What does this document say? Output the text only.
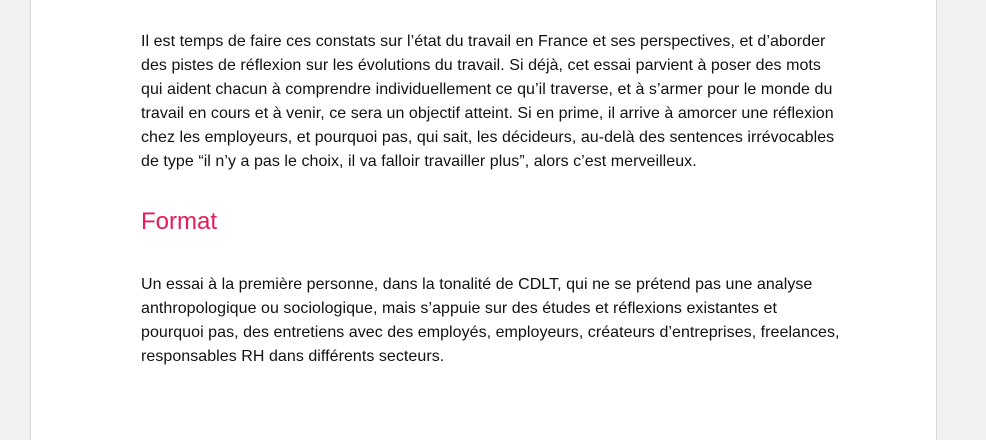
Il est temps de faire ces constats sur l’état du travail en France et ses perspectives, et d’aborder des pistes de réflexion sur les évolutions du travail. Si déjà, cet essai parvient à poser des mots qui aident chacun à comprendre individuellement ce qu’il traverse, et à s’armer pour le monde du travail en cours et à venir, ce sera un objectif atteint. Si en prime, il arrive à amorcer une réflexion chez les employeurs, et pourquoi pas, qui sait, les décideurs, au-delà des sentences irrévocables de type “il n’y a pas le choix, il va falloir travailler plus”, alors c’est merveilleux.

Format

Un essai à la première personne, dans la tonalité de CDLT, qui ne se prétend pas une analyse anthropologique ou sociologique, mais s’appuie sur des études et réflexions existantes et pourquoi pas, des entretiens avec des employés, employeurs, créateurs d’entreprises, freelances, responsables RH dans différents secteurs.
